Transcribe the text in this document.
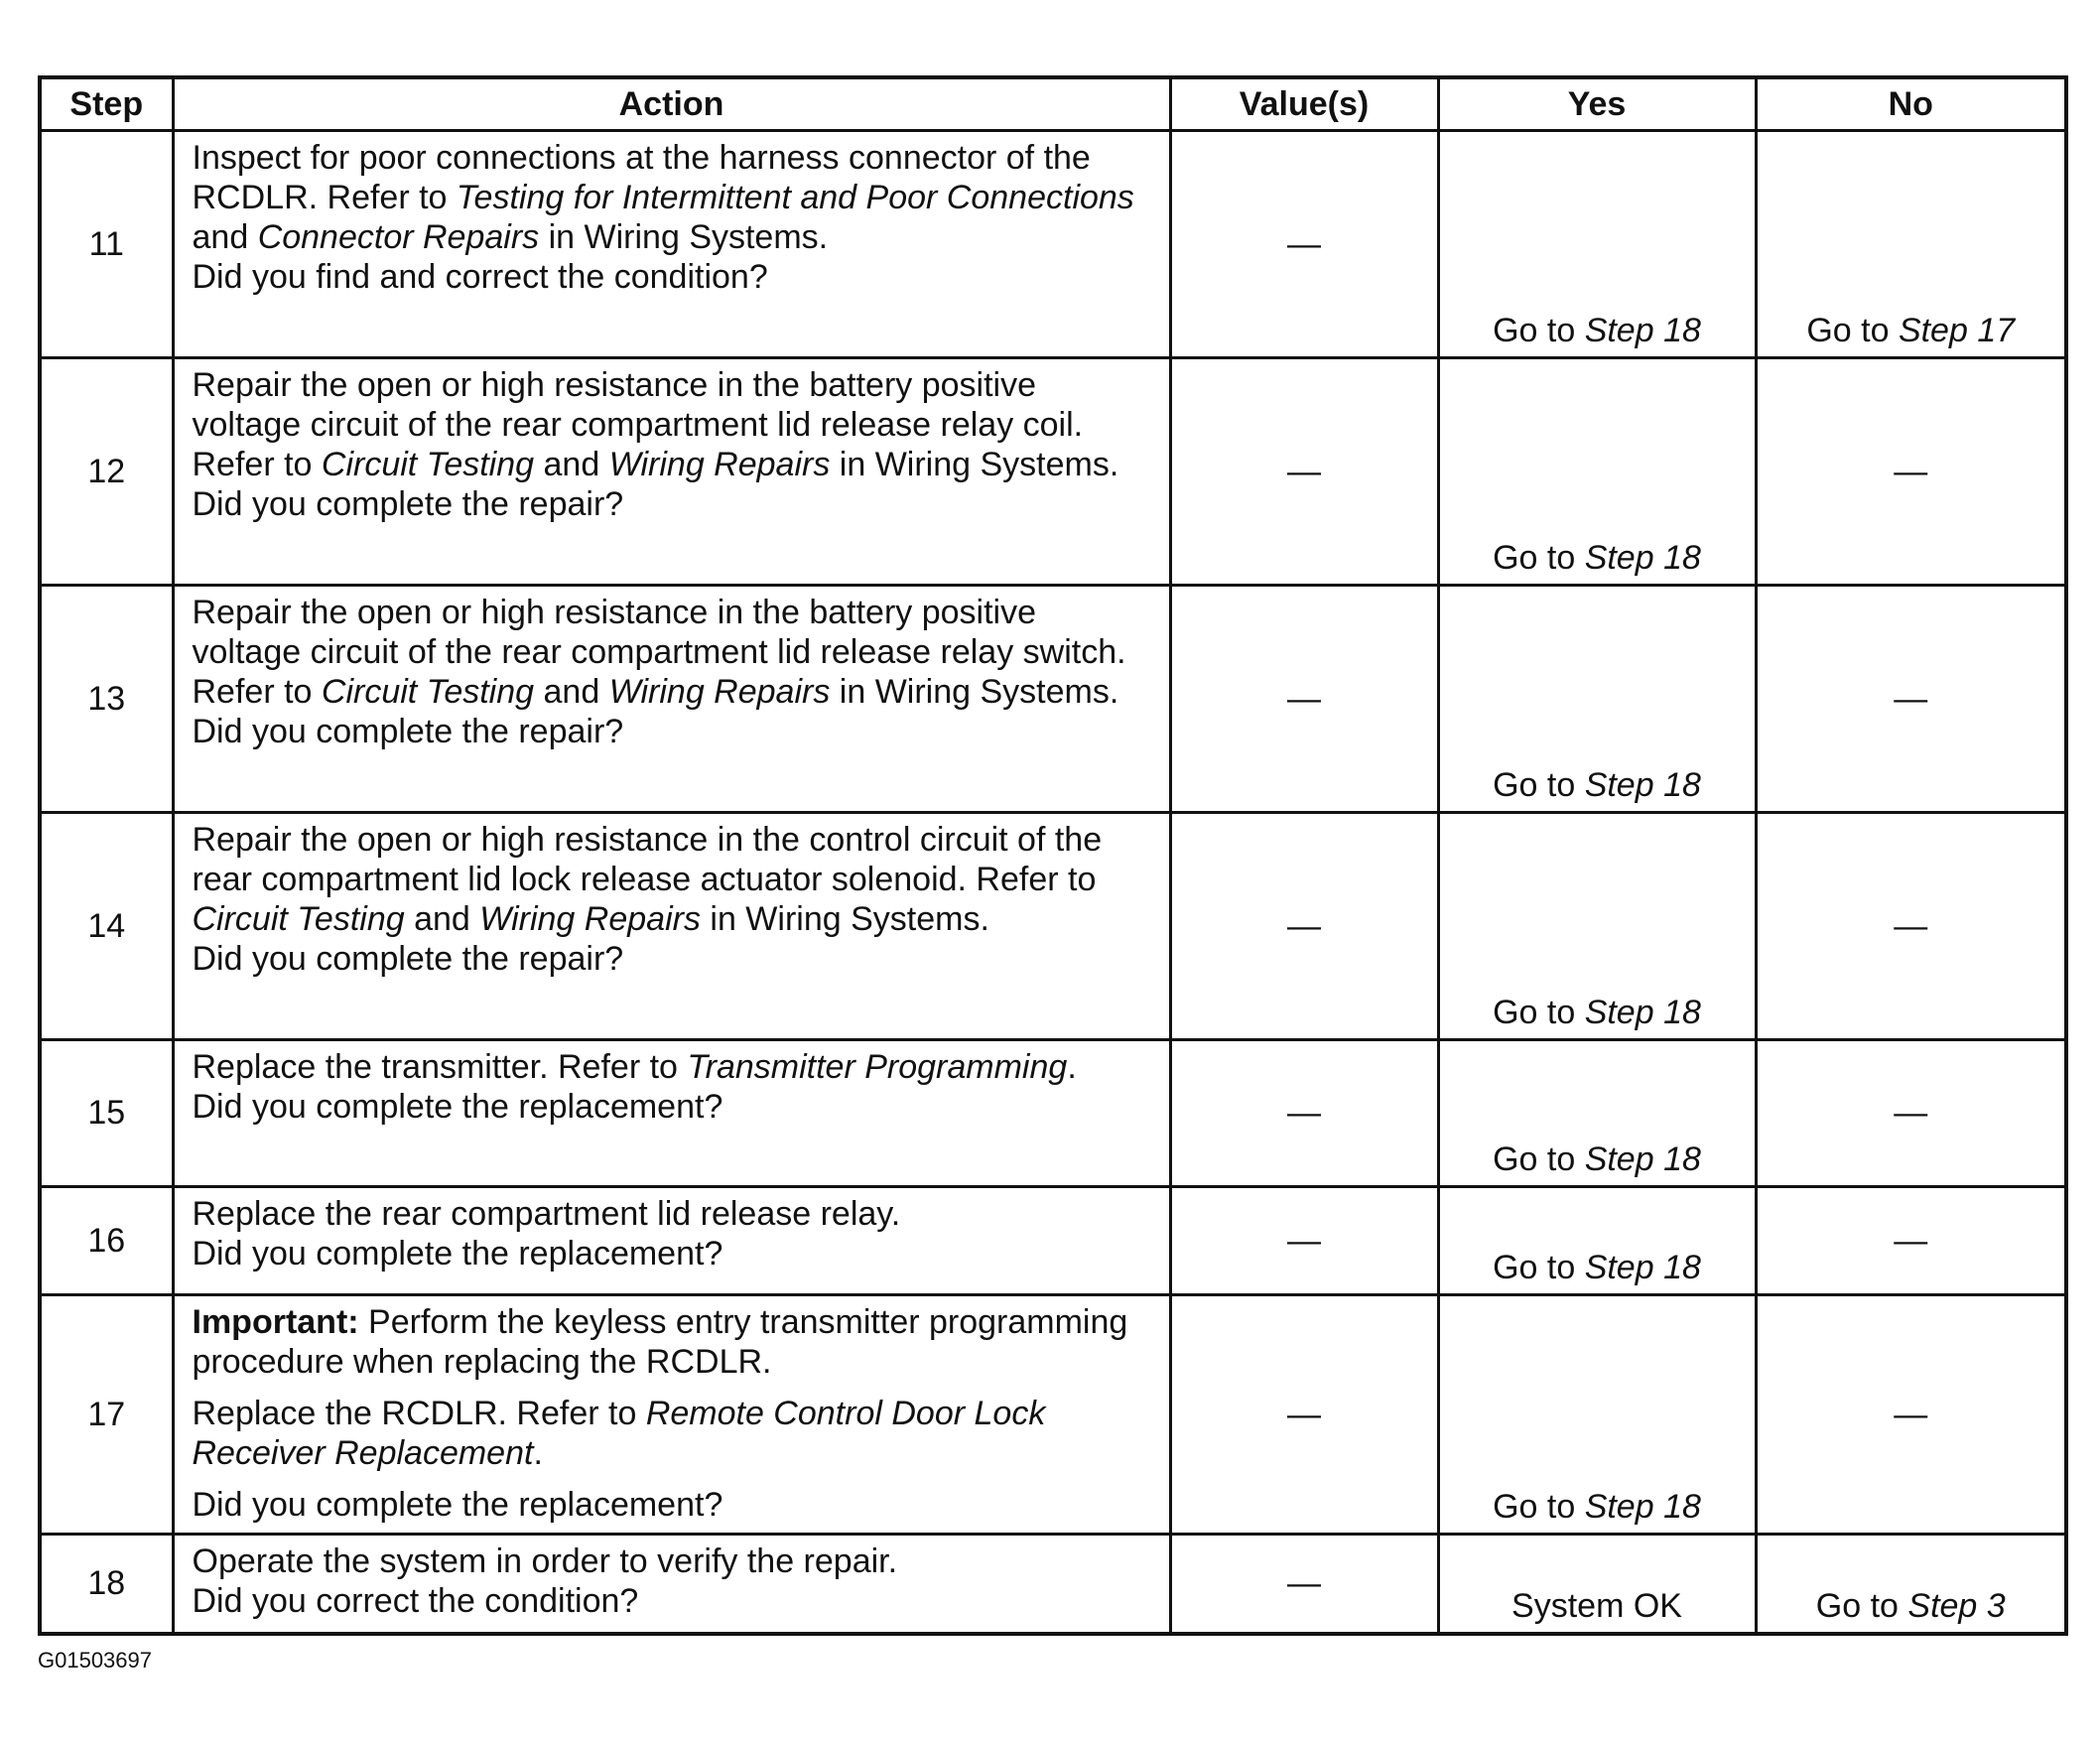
Step	Action	Value(s)	Yes	No
11	Inspect for poor connections at the harness connector of the RCDLR. Refer to Testing for Intermittent and Poor Connections and Connector Repairs in Wiring Systems.

Did you find and correct the condition?	—	Go to Step 18	Go to Step 17
12	Repair the open or high resistance in the battery positive voltage circuit of the rear compartment lid release relay coil. Refer to Circuit Testing and Wiring Repairs in Wiring Systems.

Did you complete the repair?	—	Go to Step 18	—
13	Repair the open or high resistance in the battery positive voltage circuit of the rear compartment lid release relay switch. Refer to Circuit Testing and Wiring Repairs in Wiring Systems.

Did you complete the repair?	—	Go to Step 18	—
14	Repair the open or high resistance in the control circuit of the rear compartment lid lock release actuator solenoid. Refer to Circuit Testing and Wiring Repairs in Wiring Systems.

Did you complete the repair?	—	Go to Step 18	—
15	Replace the transmitter. Refer to Transmitter Programming.

Did you complete the replacement?	—	Go to Step 18	—
16	Replace the rear compartment lid release relay.

Did you complete the replacement?	—	Go to Step 18	—
17	Important: Perform the keyless entry transmitter programming procedure when replacing the RCDLR.

Replace the RCDLR. Refer to Remote Control Door Lock Receiver Replacement.

Did you complete the replacement?	—	Go to Step 18	—
18	Operate the system in order to verify the repair.

Did you correct the condition?	—	System OK	Go to Step 3
G01503697
